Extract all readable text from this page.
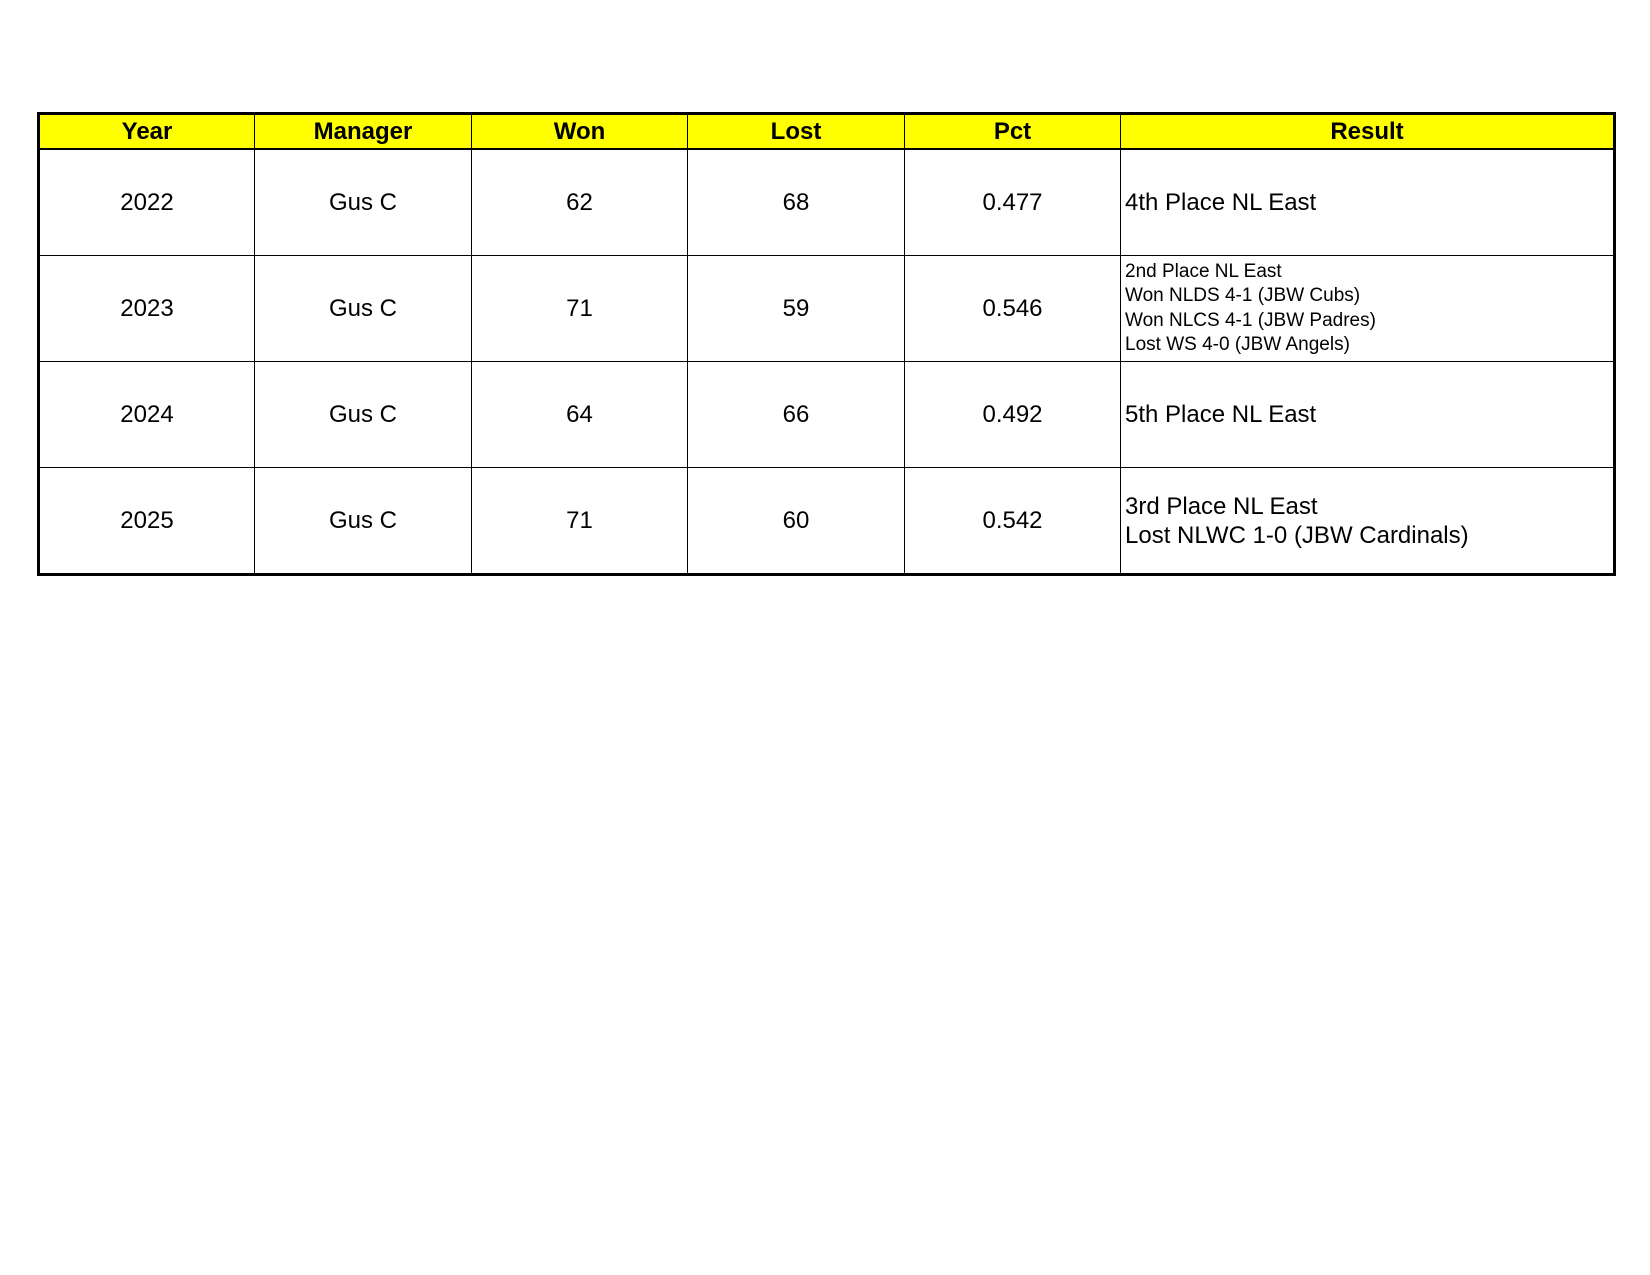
Year	Manager	Won	Lost	Pct	Result
2022	Gus C	62	68	0.477	4th Place NL East

2023	Gus C	71	59	0.546	2nd Place NL East
Won NLDS 4-1 (JBW Cubs)
Won NLCS 4-1 (JBW Padres)
Lost WS 4-0 (JBW Angels)

2024	Gus C	64	66	0.492	5th Place NL East

2025	Gus C	71	60	0.542	3rd Place NL East
Lost NLWC 1-0 (JBW Cardinals)
